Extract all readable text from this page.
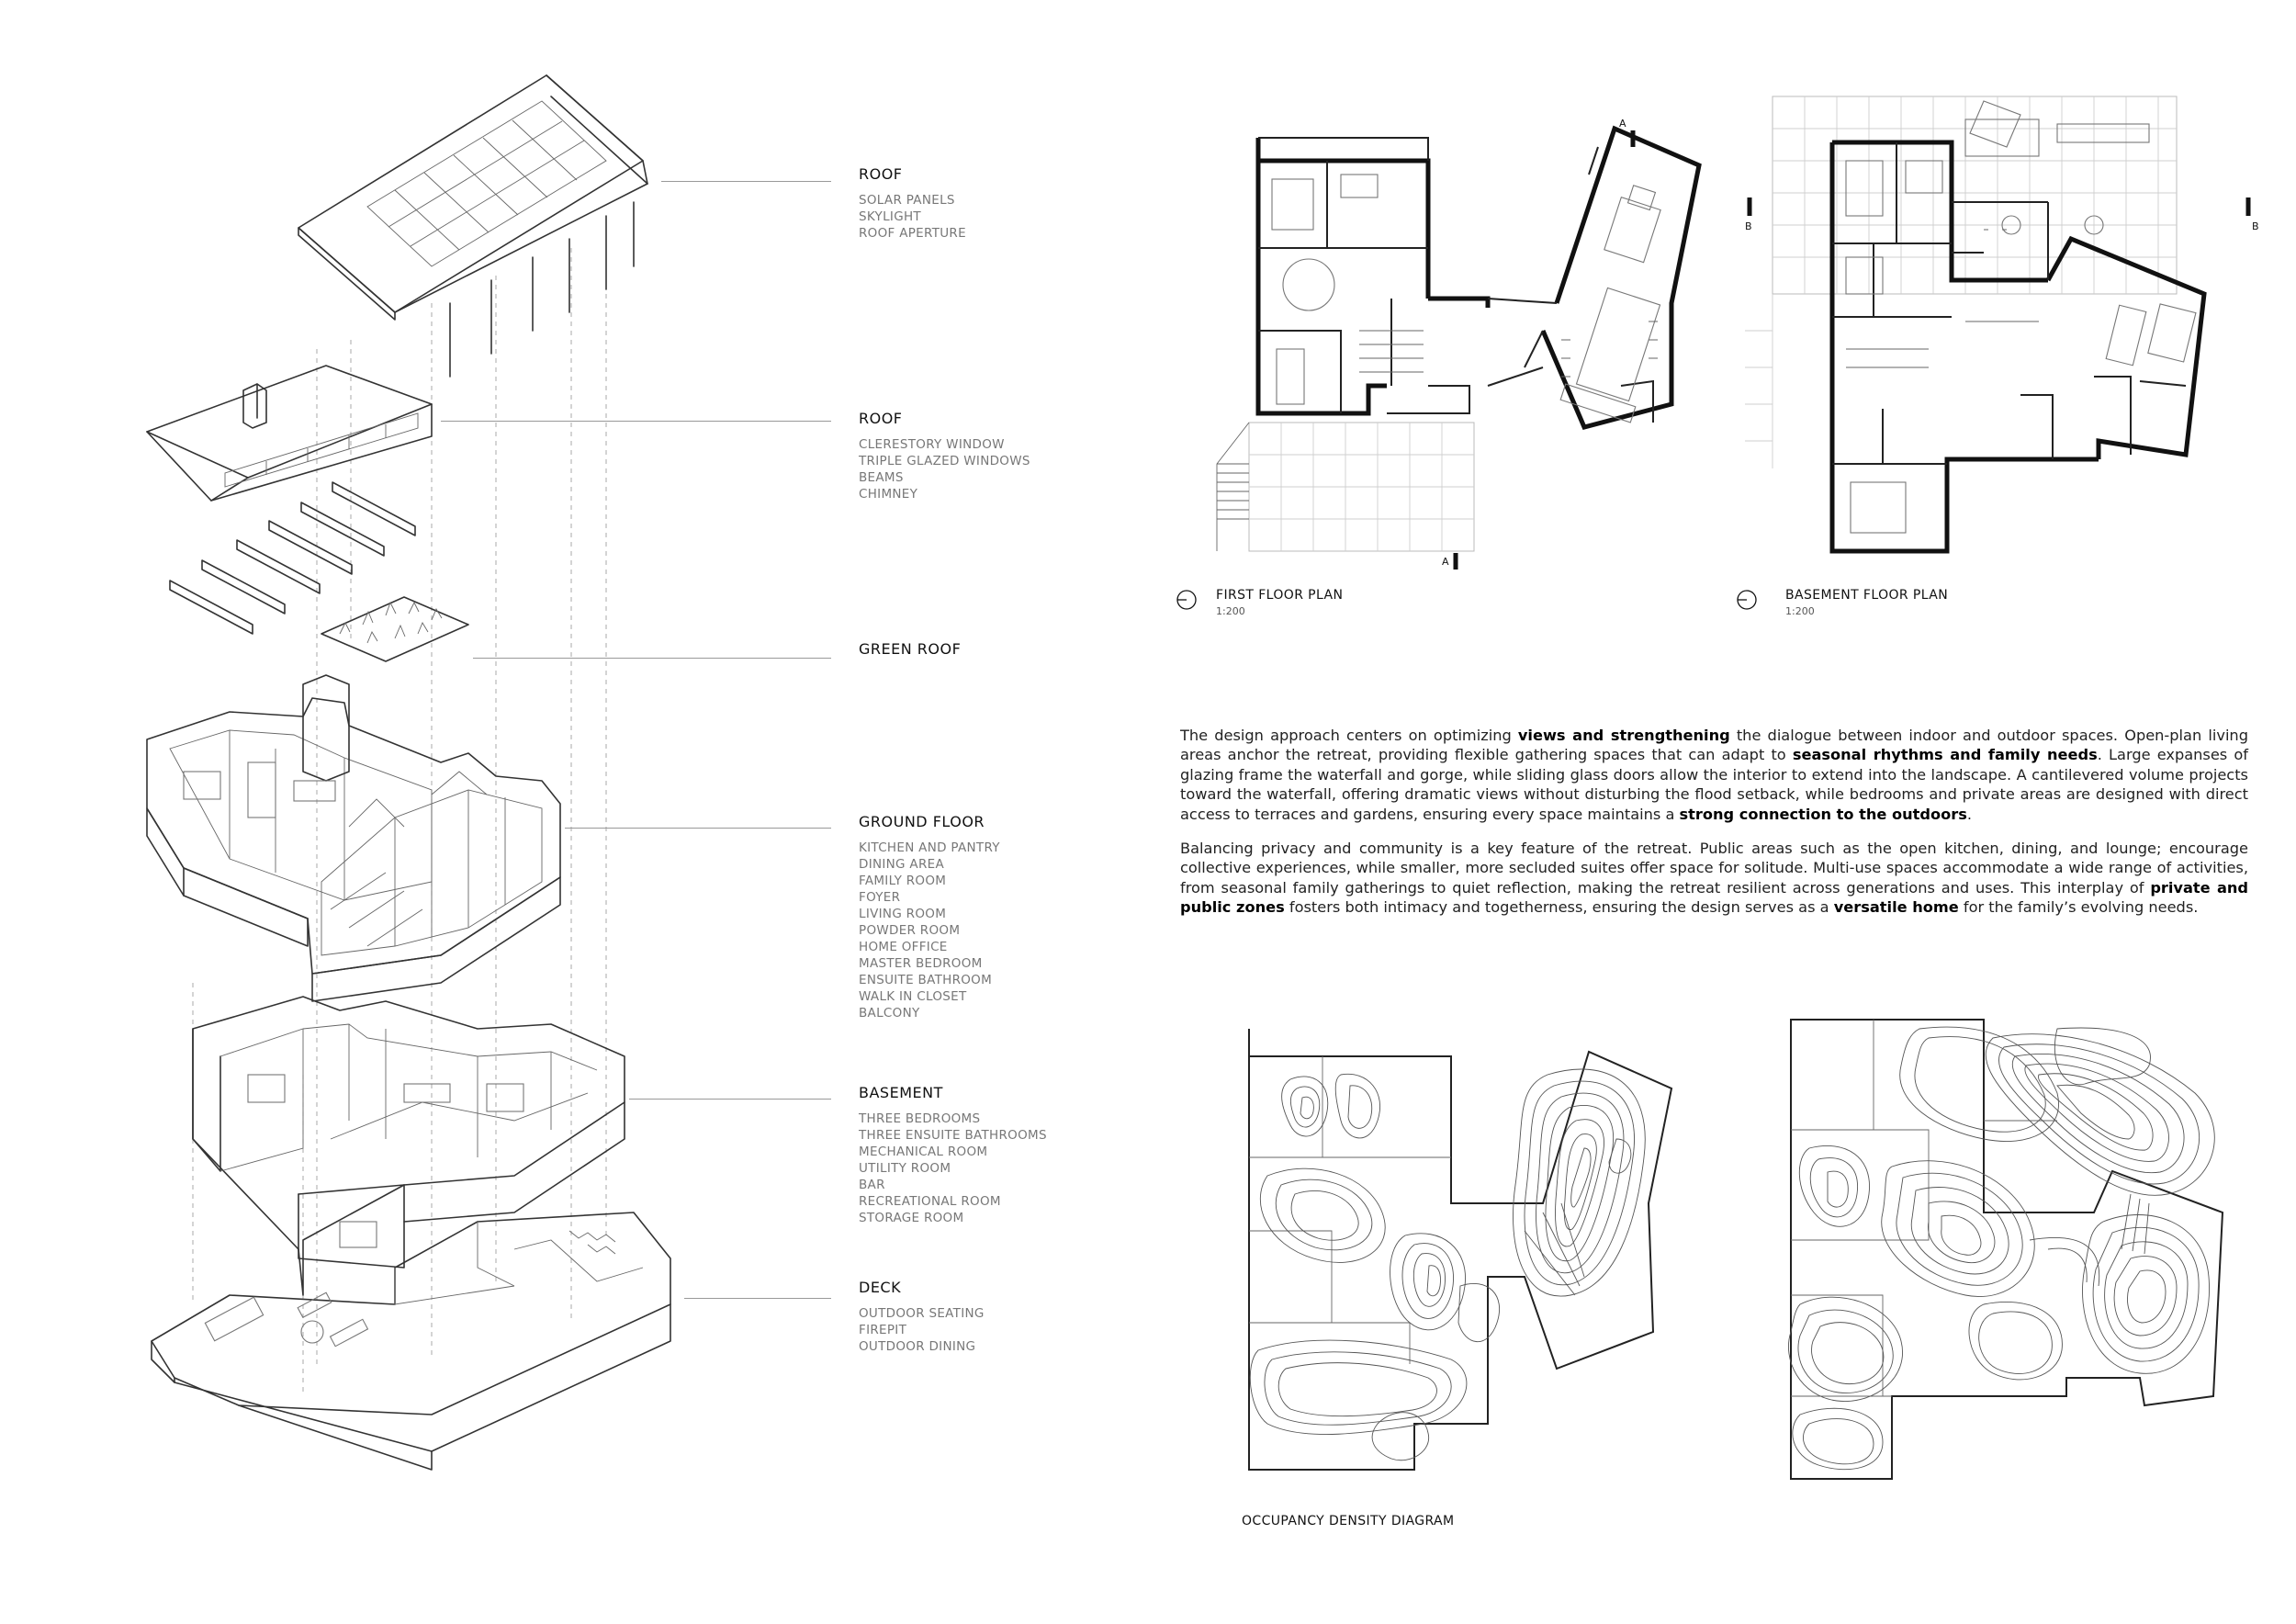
ROOF
SOLAR PANELS
SKYLIGHT
ROOF APERTURE
ROOF
CLERESTORY WINDOW
TRIPLE GLAZED WINDOWS
BEAMS
CHIMNEY
GREEN ROOF
GROUND FLOOR
KITCHEN AND PANTRY
DINING AREA
FAMILY ROOM
FOYER
LIVING ROOM
POWDER ROOM
HOME OFFICE
MASTER BEDROOM
ENSUITE BATHROOM
WALK IN CLOSET
BALCONY
BASEMENT
THREE BEDROOMS
THREE ENSUITE BATHROOMS
MECHANICAL ROOM
UTILITY ROOM
BAR
RECREATIONAL ROOM
STORAGE ROOM
DECK
OUTDOOR SEATING
FIREPIT
OUTDOOR DINING
A
A
FIRST FLOOR PLAN
1:200
B	B
BASEMENT FLOOR PLAN
1:200

The design approach centers on optimizing views and strengthening the dialogue between indoor and outdoor spaces. Open-plan living areas anchor the retreat, providing flexible gathering spaces that can adapt to seasonal rhythms and family needs. Large expanses of glazing frame the waterfall and gorge, while sliding glass doors allow the interior to extend into the landscape. A cantilevered volume projects toward the waterfall, offering dramatic views without disturbing the flood setback, while bedrooms and private areas are designed with direct access to terraces and gardens, ensuring every space maintains a strong connection to the outdoors.

Balancing privacy and community is a key feature of the retreat. Public areas such as the open kitchen, dining, and lounge; encourage collective experiences, while smaller, more secluded suites offer space for solitude. Multi-use spaces accommodate a wide range of activities, from seasonal family gatherings to quiet reflection, making the retreat resilient across generations and uses. This interplay of private and public zones fosters both intimacy and togetherness, ensuring the design serves as a versatile home for the family’s evolving needs.

OCCUPANCY DENSITY DIAGRAM
